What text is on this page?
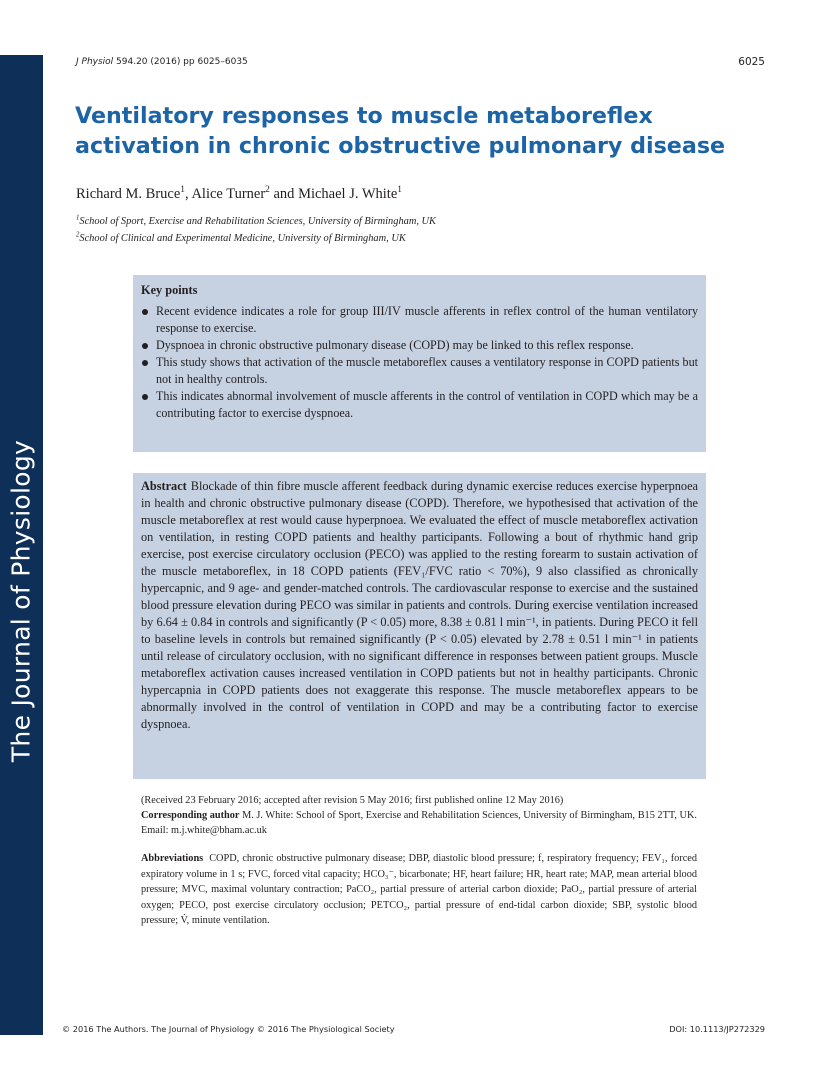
The Journal of Physiology
J Physiol 594.20 (2016) pp 6025–6035	6025
Ventilatory responses to muscle metaboreflex activation in chronic obstructive pulmonary disease
Richard M. Bruce$^1$, Alice Turner$^2$ and Michael J. White$^1$
$^1$School of Sport, Exercise and Rehabilitation Sciences, University of Birmingham, UK
$^2$School of Clinical and Experimental Medicine, University of Birmingham, UK
Key points
Recent evidence indicates a role for group III/IV muscle afferents in reflex control of the human ventilatory response to exercise.
Dyspnoea in chronic obstructive pulmonary disease (COPD) may be linked to this reflex response.
This study shows that activation of the muscle metaboreflex causes a ventilatory response in COPD patients but not in healthy controls.
This indicates abnormal involvement of muscle afferents in the control of ventilation in COPD which may be a contributing factor to exercise dyspnoea.
Abstract Blockade of thin fibre muscle afferent feedback during dynamic exercise reduces exercise hyperpnoea in health and chronic obstructive pulmonary disease (COPD). Therefore, we hypothesised that activation of the muscle metaboreflex at rest would cause hyperpnoea. We evaluated the effect of muscle metaboreflex activation on ventilation, in resting COPD patients and healthy participants. Following a bout of rhythmic hand grip exercise, post exercise circulatory occlusion (PECO) was applied to the resting forearm to sustain activation of the muscle metaboreflex, in 18 COPD patients (FEV₁/FVC ratio < 70%), 9 also classified as chronically hypercapnic, and 9 age- and gender-matched controls. The cardiovascular response to exercise and the sustained blood pressure elevation during PECO was similar in patients and controls. During exercise ventilation increased by 6.64 ± 0.84 in controls and significantly (P < 0.05) more, 8.38 ± 0.81 l min⁻¹, in patients. During PECO it fell to baseline levels in controls but remained significantly (P < 0.05) elevated by 2.78 ± 0.51 l min⁻¹ in patients until release of circulatory occlusion, with no significant difference in responses between patient groups. Muscle metaboreflex activation causes increased ventilation in COPD patients but not in healthy participants. Chronic hypercapnia in COPD patients does not exaggerate this response. The muscle metaboreflex appears to be abnormally involved in the control of ventilation in COPD and may be a contributing factor to exercise dyspnoea.
(Received 23 February 2016; accepted after revision 5 May 2016; first published online 12 May 2016)
Corresponding author M. J. White: School of Sport, Exercise and Rehabilitation Sciences, University of Birmingham, B15 2TT, UK. Email: m.j.white@bham.ac.uk
Abbreviations COPD, chronic obstructive pulmonary disease; DBP, diastolic blood pressure; f, respiratory frequency; FEV₁, forced expiratory volume in 1 s; FVC, forced vital capacity; HCO₃⁻, bicarbonate; HF, heart failure; HR, heart rate; MAP, mean arterial blood pressure; MVC, maximal voluntary contraction; PaCO₂, partial pressure of arterial carbon dioxide; PaO₂, partial pressure of arterial oxygen; PECO, post exercise circulatory occlusion; PETCO₂, partial pressure of end-tidal carbon dioxide; SBP, systolic blood pressure; V̇, minute ventilation.
© 2016 The Authors. The Journal of Physiology © 2016 The Physiological Society	DOI: 10.1113/JP272329
